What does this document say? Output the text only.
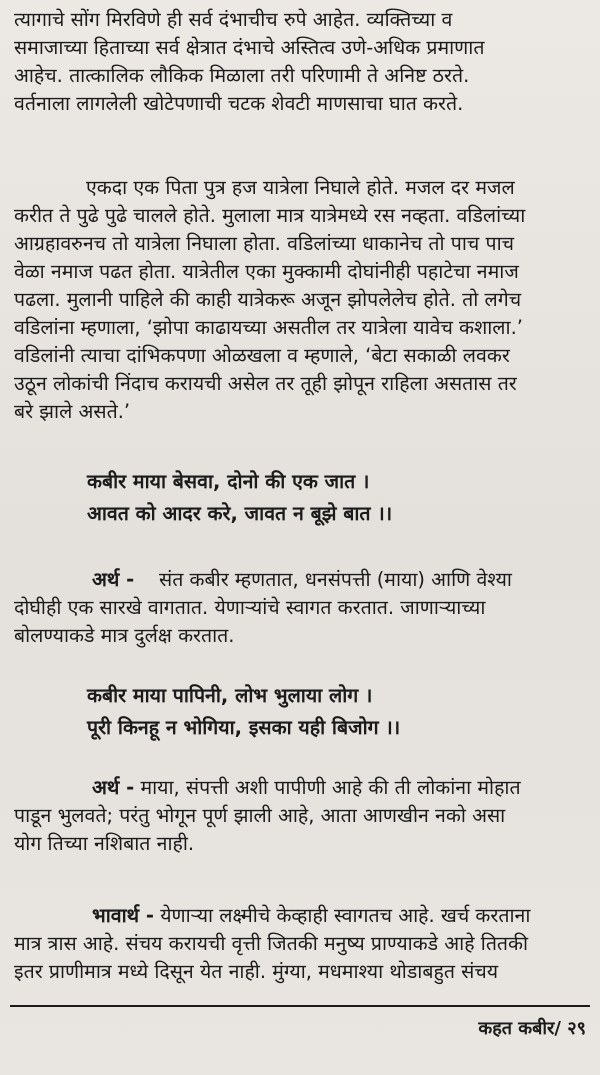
त्यागाचे सोंग मिरविणे ही सर्व दंभाचीच रुपे आहेत. व्यक्तिच्या व
समाजाच्या हिताच्या सर्व क्षेत्रात दंभाचे अस्तित्व उणे-अधिक प्रमाणात
आहेच. तात्कालिक लौकिक मिळाला तरी परिणामी ते अनिष्ट ठरते.
वर्तनाला लागलेली खोटेपणाची चटक शेवटी माणसाचा घात करते.
एकदा एक पिता पुत्र हज यात्रेला निघाले होते. मजल दर मजल
करीत ते पुढे पुढे चालले होते. मुलाला मात्र यात्रेमध्ये रस नव्हता. वडिलांच्या
आग्रहावरुनच तो यात्रेला निघाला होता. वडिलांच्या धाकानेच तो पाच पाच
वेळा नमाज पढत होता. यात्रेतील एका मुक्कामी दोघांनीही पहाटेचा नमाज
पढला. मुलानी पाहिले की काही यात्रेकरू अजून झोपलेलेच होते. तो लगेच
वडिलांना म्हणाला, ‘झोपा काढायच्या असतील तर यात्रेला यावेच कशाला.’
वडिलांनी त्याचा दांभिकपणा ओळखला व म्हणाले, ‘बेटा सकाळी लवकर
उठून लोकांची निंदाच करायची असेल तर तूही झोपून राहिला असतास तर
बरे झाले असते.’
कबीर माया बेसवा, दोनो की एक जात ।
आवत को आदर करे, जावत न बूझे बात ।।
अर्थ - संत कबीर म्हणतात, धनसंपत्ती (माया) आणि वेश्या
दोघीही एक सारखे वागतात. येणाऱ्यांचे स्वागत करतात. जाणाऱ्याच्या
बोलण्याकडे मात्र दुर्लक्ष करतात.
कबीर माया पापिनी, लोभ भुलाया लोग ।
पूरी किनहू न भोगिया, इसका यही बिजोग ।।
अर्थ - माया, संपत्ती अशी पापीणी आहे की ती लोकांना मोहात
पाडून भुलवते; परंतु भोगून पूर्ण झाली आहे, आता आणखीन नको असा
योग तिच्या नशिबात नाही.
भावार्थ - येणाऱ्या लक्ष्मीचे केव्हाही स्वागतच आहे. खर्च करताना
मात्र त्रास आहे. संचय करायची वृत्ती जितकी मनुष्य प्राण्याकडे आहे तितकी
इतर प्राणीमात्र मध्ये दिसून येत नाही. मुंग्या, मधमाश्या थोडाबहुत संचय
कहत कबीर/ २९
